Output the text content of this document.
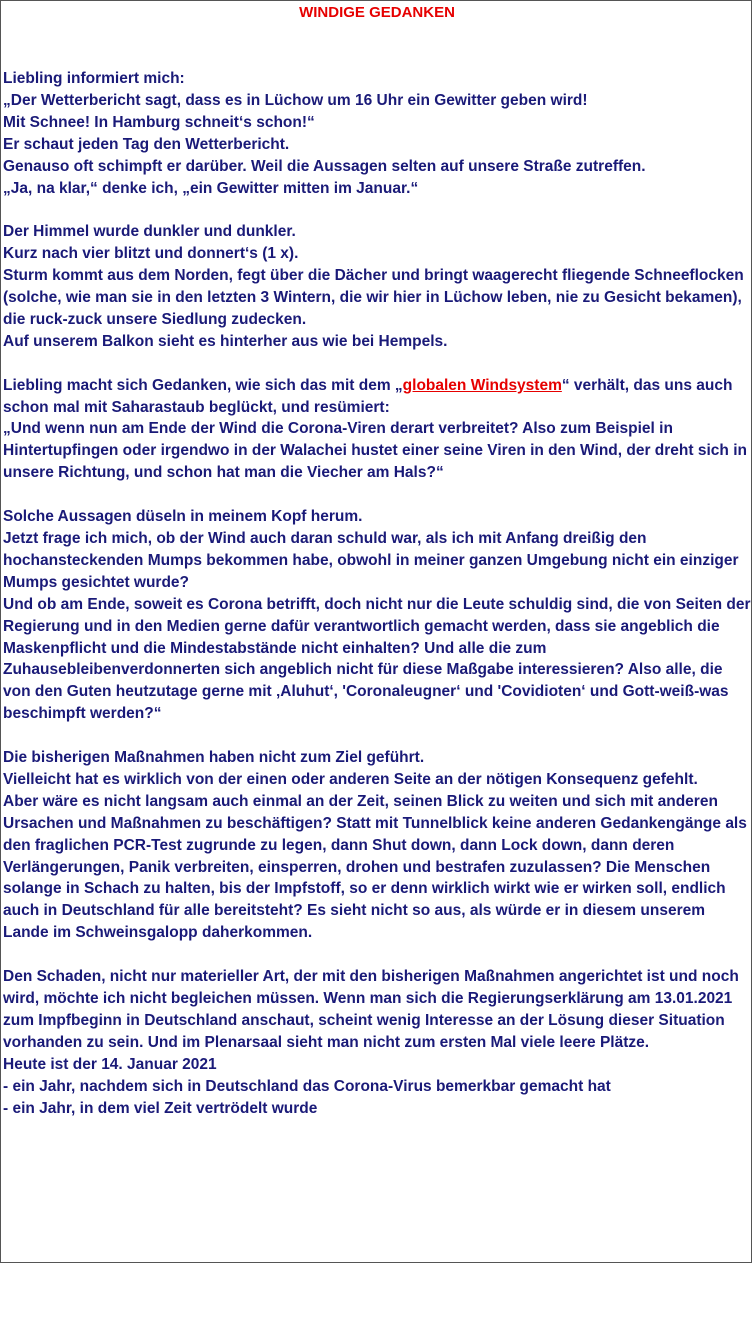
WINDIGE GEDANKEN

Liebling informiert mich:

„Der Wetterbericht sagt, dass es in Lüchow um 16 Uhr ein Gewitter geben wird!

Mit Schnee! In Hamburg schneit‘s schon!“

Er schaut jeden Tag den Wetterbericht.

Genauso oft schimpft er darüber. Weil die Aussagen selten auf unsere Straße zutreffen.

„Ja, na klar,“ denke ich, „ein Gewitter mitten im Januar.“

Der Himmel wurde dunkler und dunkler.

Kurz nach vier blitzt und donnert‘s (1 x).

Sturm kommt aus dem Norden, fegt über die Dächer und bringt waagerecht fliegende Schneeflocken (solche, wie man sie in den letzten 3 Wintern, die wir hier in Lüchow leben, nie zu Gesicht bekamen), die ruck-zuck unsere Siedlung zudecken.

Auf unserem Balkon sieht es hinterher aus wie bei Hempels.

Liebling macht sich Gedanken, wie sich das mit dem „globalen Windsystem“ verhält, das uns auch schon mal mit Saharastaub beglückt, und resümiert:

„Und wenn nun am Ende der Wind die Corona-Viren derart verbreitet? Also zum Beispiel in Hintertupfingen oder irgendwo in der Walachei hustet einer seine Viren in den Wind, der dreht sich in unsere Richtung, und schon hat man die Viecher am Hals?“

Solche Aussagen düseln in meinem Kopf herum.

Jetzt frage ich mich, ob der Wind auch daran schuld war, als ich mit Anfang dreißig den hochansteckenden Mumps bekommen habe, obwohl in meiner ganzen Umgebung nicht ein einziger Mumps gesichtet wurde?

Und ob am Ende, soweit es Corona betrifft, doch nicht nur die Leute schuldig sind, die von Seiten der Regierung und in den Medien gerne dafür verantwortlich gemacht werden, dass sie angeblich die Maskenpflicht und die Mindestabstände nicht einhalten? Und alle die zum Zuhausebleibenverdonnerten sich angeblich nicht für diese Maßgabe interessieren? Also alle, die von den Guten heutzutage gerne mit ‚Aluhut‘, 'Coronaleugner‘ und 'Covidioten‘ und Gott-weiß-was beschimpft werden?“

Die bisherigen Maßnahmen haben nicht zum Ziel geführt.

Vielleicht hat es wirklich von der einen oder anderen Seite an der nötigen Konsequenz gefehlt.

Aber wäre es nicht langsam auch einmal an der Zeit, seinen Blick zu weiten und sich mit anderen Ursachen und Maßnahmen zu beschäftigen? Statt mit Tunnelblick keine anderen Gedankengänge als den fraglichen PCR-Test zugrunde zu legen, dann Shut down, dann Lock down, dann deren Verlängerungen, Panik verbreiten, einsperren, drohen und bestrafen zuzulassen? Die Menschen solange in Schach zu halten, bis der Impfstoff, so er denn wirklich wirkt wie er wirken soll, endlich auch in Deutschland für alle bereitsteht? Es sieht nicht so aus, als würde er in diesem unserem Lande im Schweinsgalopp daherkommen.

Den Schaden, nicht nur materieller Art, der mit den bisherigen Maßnahmen angerichtet ist und noch wird, möchte ich nicht begleichen müssen. Wenn man sich die Regierungserklärung am 13.01.2021 zum Impfbeginn in Deutschland anschaut, scheint wenig Interesse an der Lösung dieser Situation vorhanden zu sein. Und im Plenarsaal sieht man nicht zum ersten Mal viele leere Plätze.

Heute ist der 14. Januar 2021

- ein Jahr, nachdem sich in Deutschland das Corona-Virus bemerkbar gemacht hat

- ein Jahr, in dem viel Zeit vertrödelt wurde
